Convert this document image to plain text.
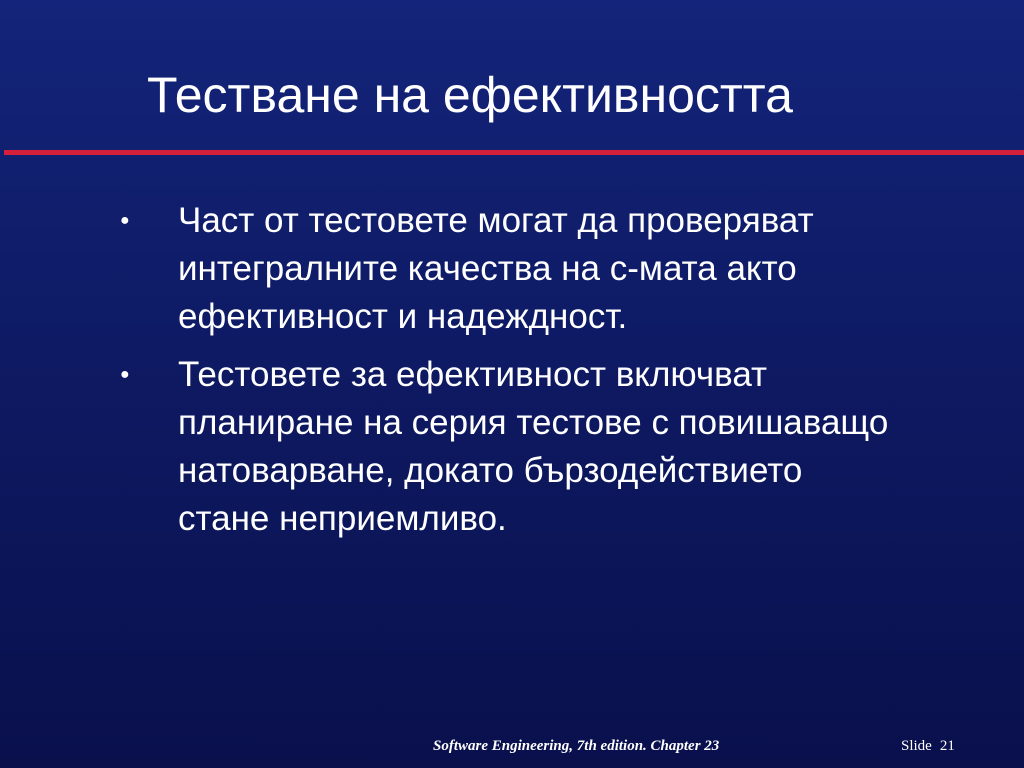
Тестване на ефективността
●	Част от тестовете могат да проверяват интегралните качества на с-мата акто ефективност и надеждност.
●	Тестовете за ефективност включват планиране на серия тестове с повишаващо натоварване, докато бързодействието стане неприемливо.
Software Engineering, 7th edition. Chapter 23	Slide 21
